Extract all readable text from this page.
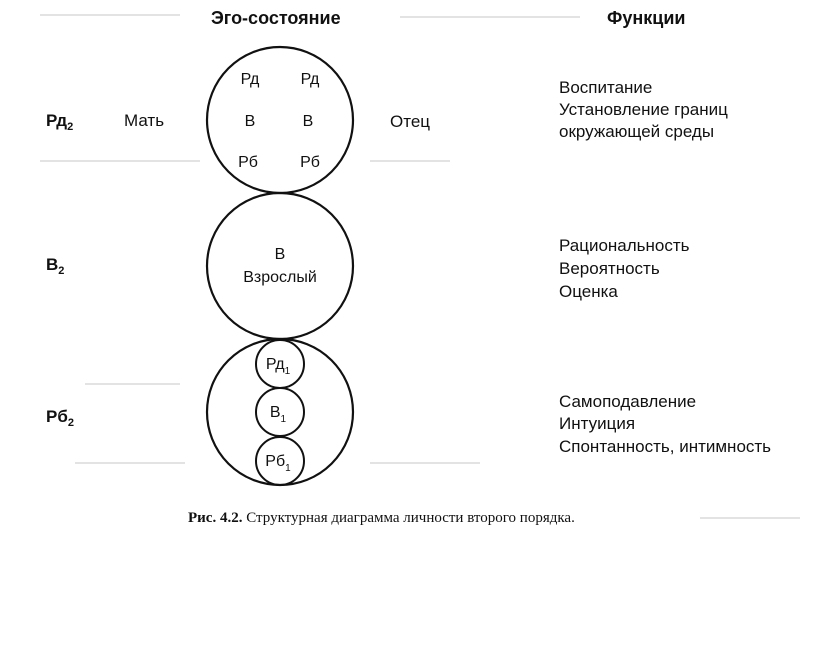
Эго-состояние	Функции
$Рд_2$
$В_2$
$Рб_2$
Мать	Отец
Рд	Рд
В	В
Рб	Рб
В
Взрослый
$Рд_1$
$В_1$
$Рб_1$
Воспитание
Установление границ
окружающей среды
Рациональность
Вероятность
Оценка
Самоподавление
Интуиция
Спонтанность, интимность
Рис. 4.2. Структурная диаграмма личности второго порядка.
